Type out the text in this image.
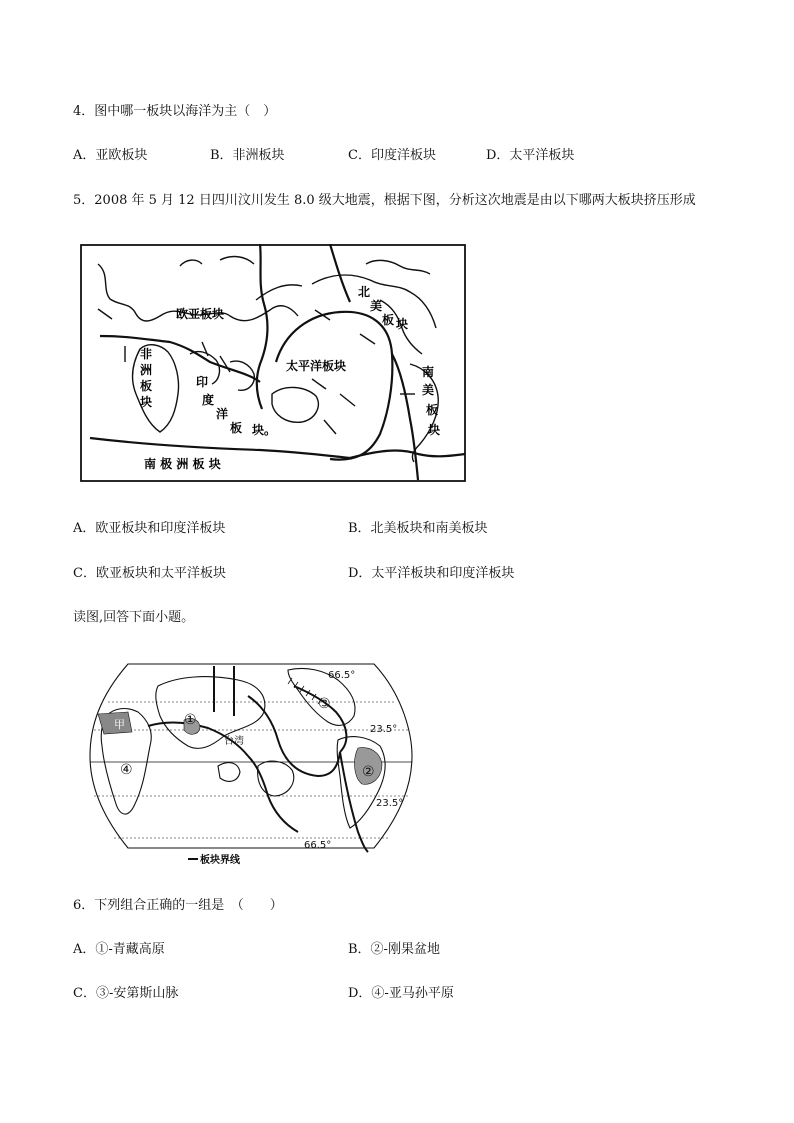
4．图中哪一板块以海洋为主（　）
A．亚欧板块	B．非洲板块	C．印度洋板块	D．太平洋板块
5．2008 年 5 月 12 日四川汶川发生 8.0 级大地震，根据下图，分析这次地震是由以下哪两大板块挤压形成
欧亚板块
非
洲
板
块
印
度
洋
板 块。
太平洋板块
北
美
板 块
南
美
板
块
南 极 洲 板 块
A．欧亚板块和印度洋板块	B．北美板块和南美板块
C．欧亚板块和太平洋板块	D．太平洋板块和印度洋板块
读图,回答下面小题。
66.5°
23.5°
23.5°
66.5°
甲	①
②
③
④
台湾
板块界线
6．下列组合正确的一组是　（　　）
A．①-青藏高原	B．②-刚果盆地
C．③-安第斯山脉	D．④-亚马孙平原
